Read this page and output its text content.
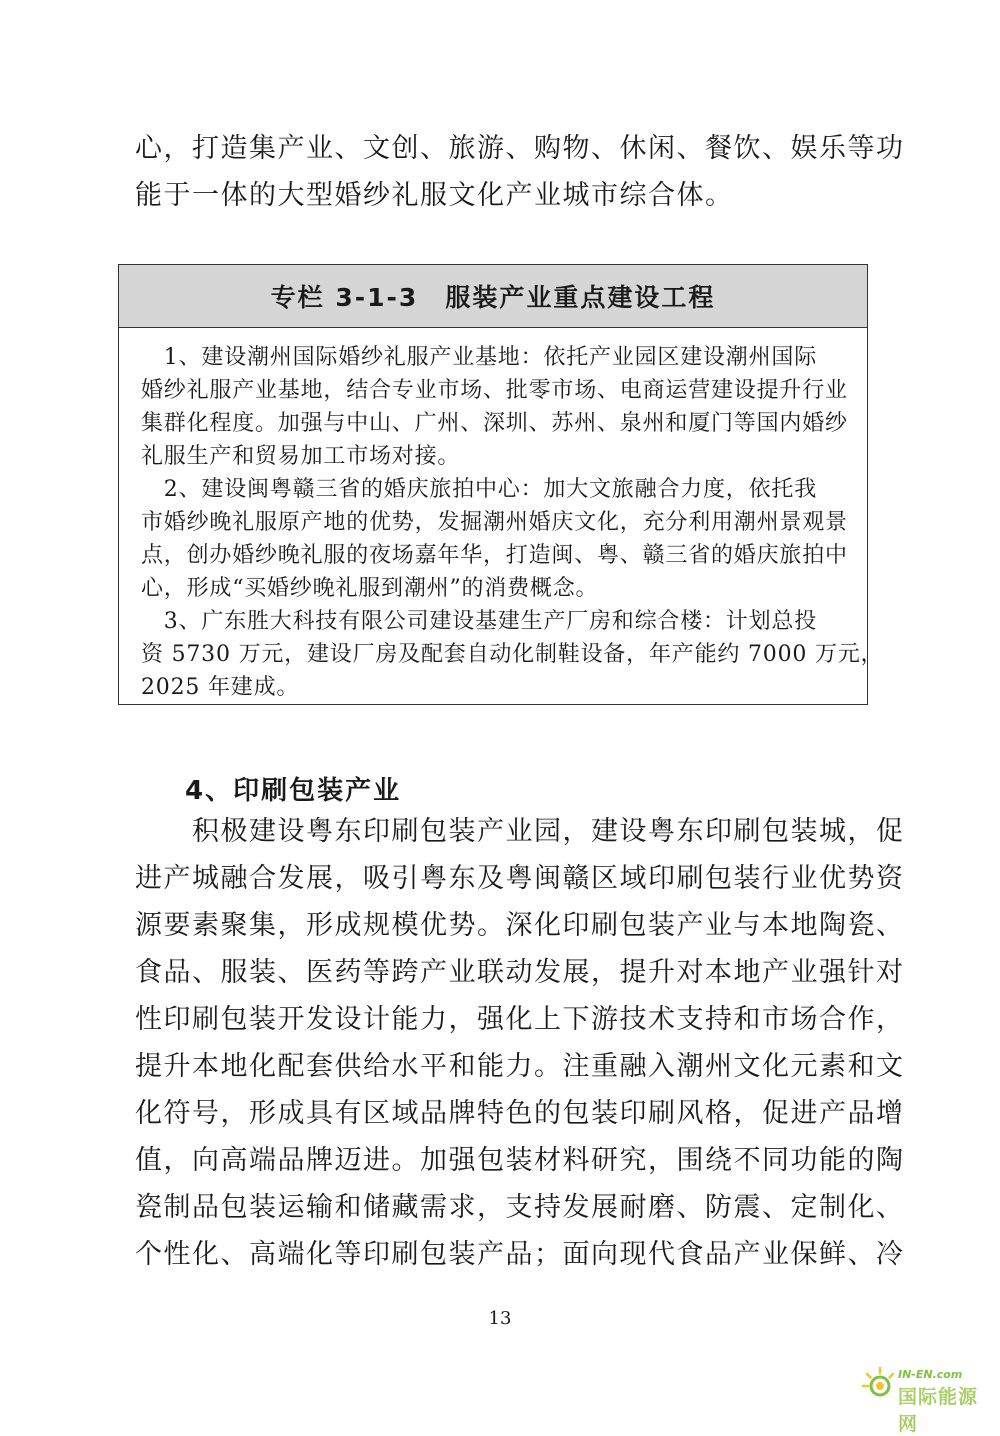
心，打造集产业、文创、旅游、购物、休闲、餐饮、娱乐等功
能于一体的大型婚纱礼服文化产业城市综合体。
专栏 3-1-3　服装产业重点建设工程
　1、建设潮州国际婚纱礼服产业基地：依托产业园区建设潮州国际
婚纱礼服产业基地，结合专业市场、批零市场、电商运营建设提升行业
集群化程度。加强与中山、广州、深圳、苏州、泉州和厦门等国内婚纱
礼服生产和贸易加工市场对接。
　2、建设闽粤赣三省的婚庆旅拍中心：加大文旅融合力度，依托我
市婚纱晚礼服原产地的优势，发掘潮州婚庆文化，充分利用潮州景观景
点，创办婚纱晚礼服的夜场嘉年华，打造闽、粤、赣三省的婚庆旅拍中
心，形成“买婚纱晚礼服到潮州”的消费概念。
　3、广东胜大科技有限公司建设基建生产厂房和综合楼：计划总投
资 5730 万元，建设厂房及配套自动化制鞋设备，年产能约 7000 万元，
2025 年建成。
4、印刷包装产业
　　积极建设粤东印刷包装产业园，建设粤东印刷包装城，促
进产城融合发展，吸引粤东及粤闽赣区域印刷包装行业优势资
源要素聚集，形成规模优势。深化印刷包装产业与本地陶瓷、
食品、服装、医药等跨产业联动发展，提升对本地产业强针对
性印刷包装开发设计能力，强化上下游技术支持和市场合作，
提升本地化配套供给水平和能力。注重融入潮州文化元素和文
化符号，形成具有区域品牌特色的包装印刷风格，促进产品增
值，向高端品牌迈进。加强包装材料研究，围绕不同功能的陶
瓷制品包装运输和储藏需求，支持发展耐磨、防震、定制化、
个性化、高端化等印刷包装产品；面向现代食品产业保鲜、冷
13
IN-EN.com
国际能源网
